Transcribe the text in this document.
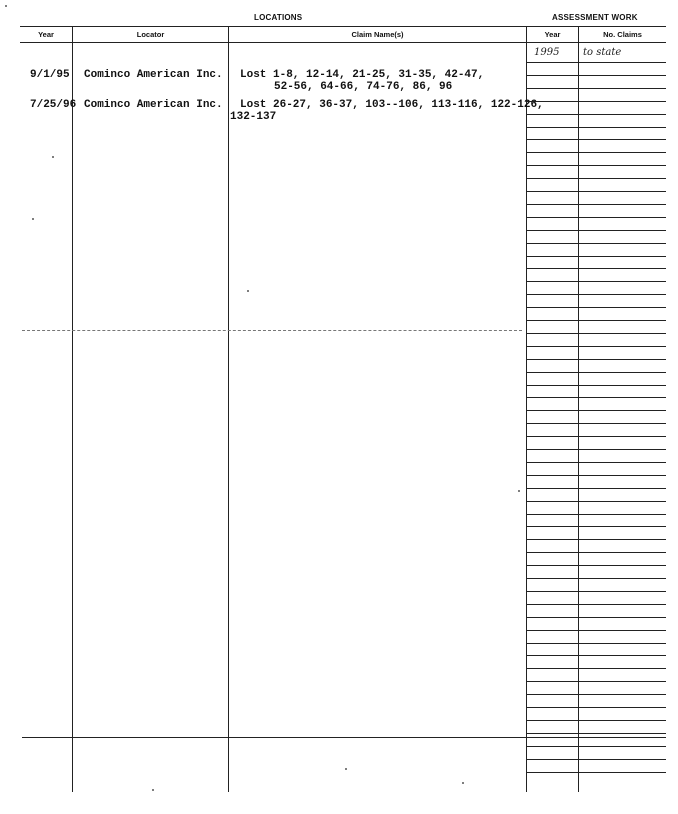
LOCATIONS	ASSESSMENT WORK
Year	Locator	Claim Name(s)	Year	No. Claims
9/1/95 Cominco American Inc. Lost 1-8, 12-14, 21-25, 31-35, 42-47,
52-56, 64-66, 74-76, 86, 96
7/25/96 Cominco American Inc. Lost 26-27, 36-37, 103--106, 113-116, 122-126,
132-137
1995 to state
